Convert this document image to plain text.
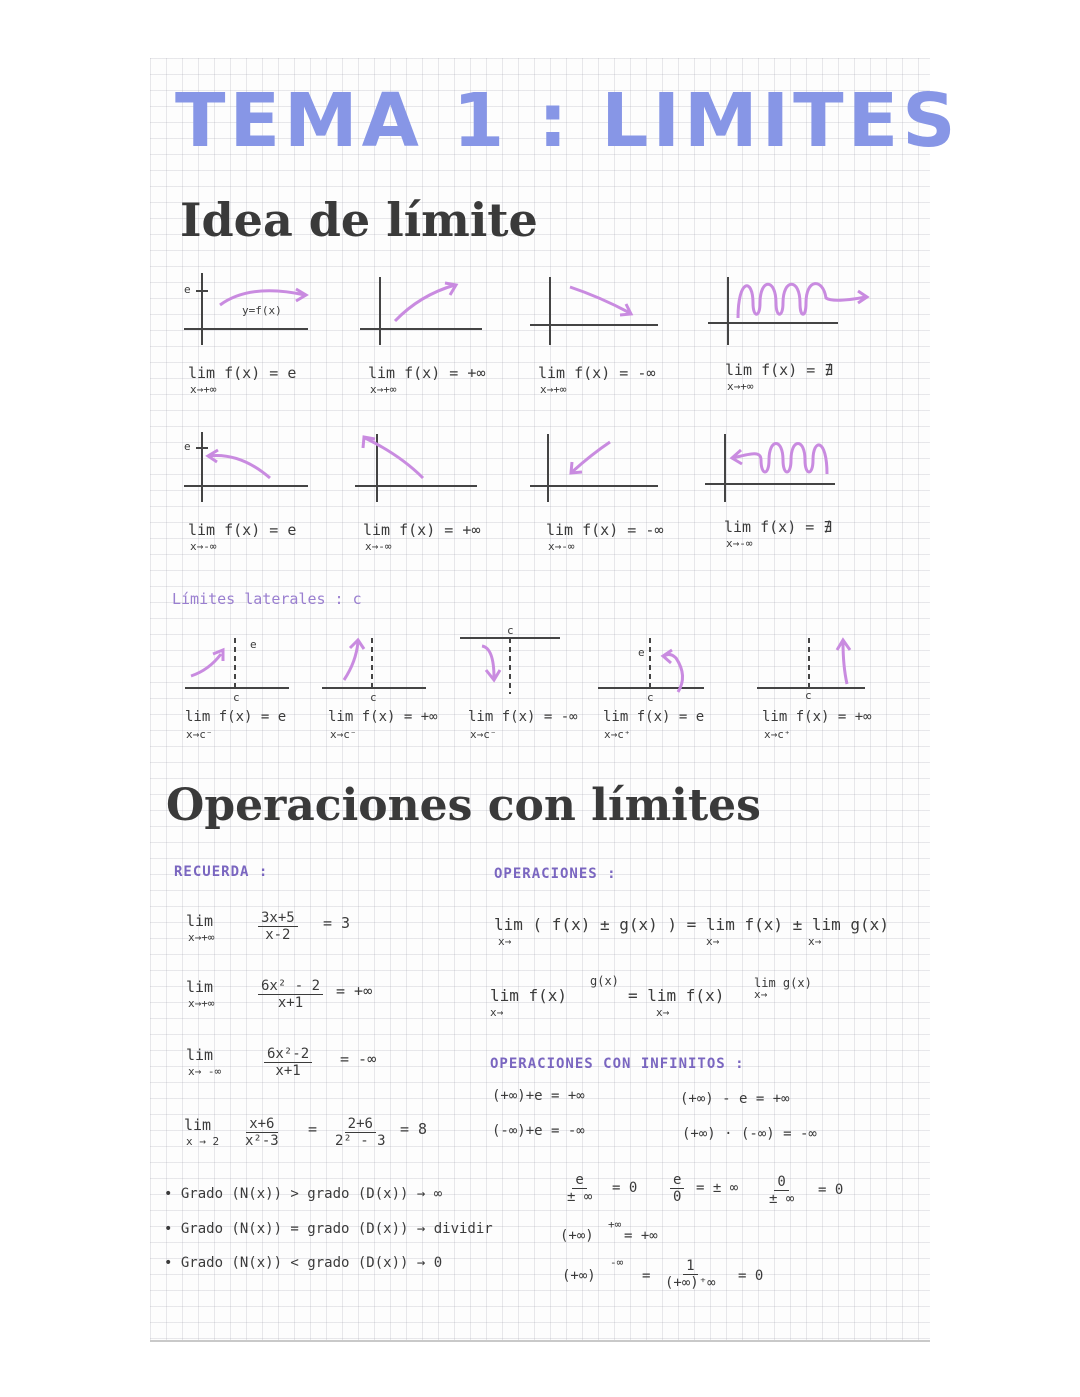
TEMA 1 : LIMITES
Idea de límite
e
y=f(x)
lim f(x) = e
x→+∞
lim f(x) = +∞
x→+∞
lim f(x) = -∞
x→+∞
lim f(x) = ∄
x→+∞
e
lim f(x) = e
x→-∞
lim f(x) = +∞
x→-∞
lim f(x) = -∞
x→-∞
lim f(x) = ∄
x→-∞
Límites laterales : c
c
e
c
c
c
e
c
lim f(x) = e
x→c⁻
lim f(x) = +∞
x→c⁻
lim f(x) = -∞
x→c⁻
lim f(x) = e
x→c⁺
lim f(x) = +∞
x→c⁺
Operaciones con límites
RECUERDA :	OPERACIONES :
lim
x→+∞	$\frac{3x+5}{x-2} = 3$
lim
x→+∞	$\frac{\text{6x² - 2}}{x+1}$ = +∞
lim
x→ -∞	$\frac{\text{6x²-2}}{x+1}$ = -∞
lim
$x \to 2 \frac{x+6}{\text{x²-3}} = \frac{2+6}{\text{2² - 3}} = 8$
lim ( f(x) ± g(x) ) = lim f(x) ± lim g(x)
x→	x→	x→
lim f(x)
g(x)
= lim f(x)
lim g(x)
x→	x→
x→
OPERACIONES CON INFINITOS :
(+∞)+e = +∞	(+∞) - e = +∞
(-∞)+e = -∞	(+∞) · (-∞) = -∞
• Grado (N(x)) > grado (D(x)) → ∞
• Grado (N(x)) = grado (D(x)) → dividir
• Grado (N(x)) < grado (D(x)) → 0
e
± ∞
= $0 \frac{e}{0}$ = ± ∞	0
± ∞
= 0
(+∞)
+∞
= +∞
(+∞)
-∞
=
1
(+∞)⁺∞ = 0
